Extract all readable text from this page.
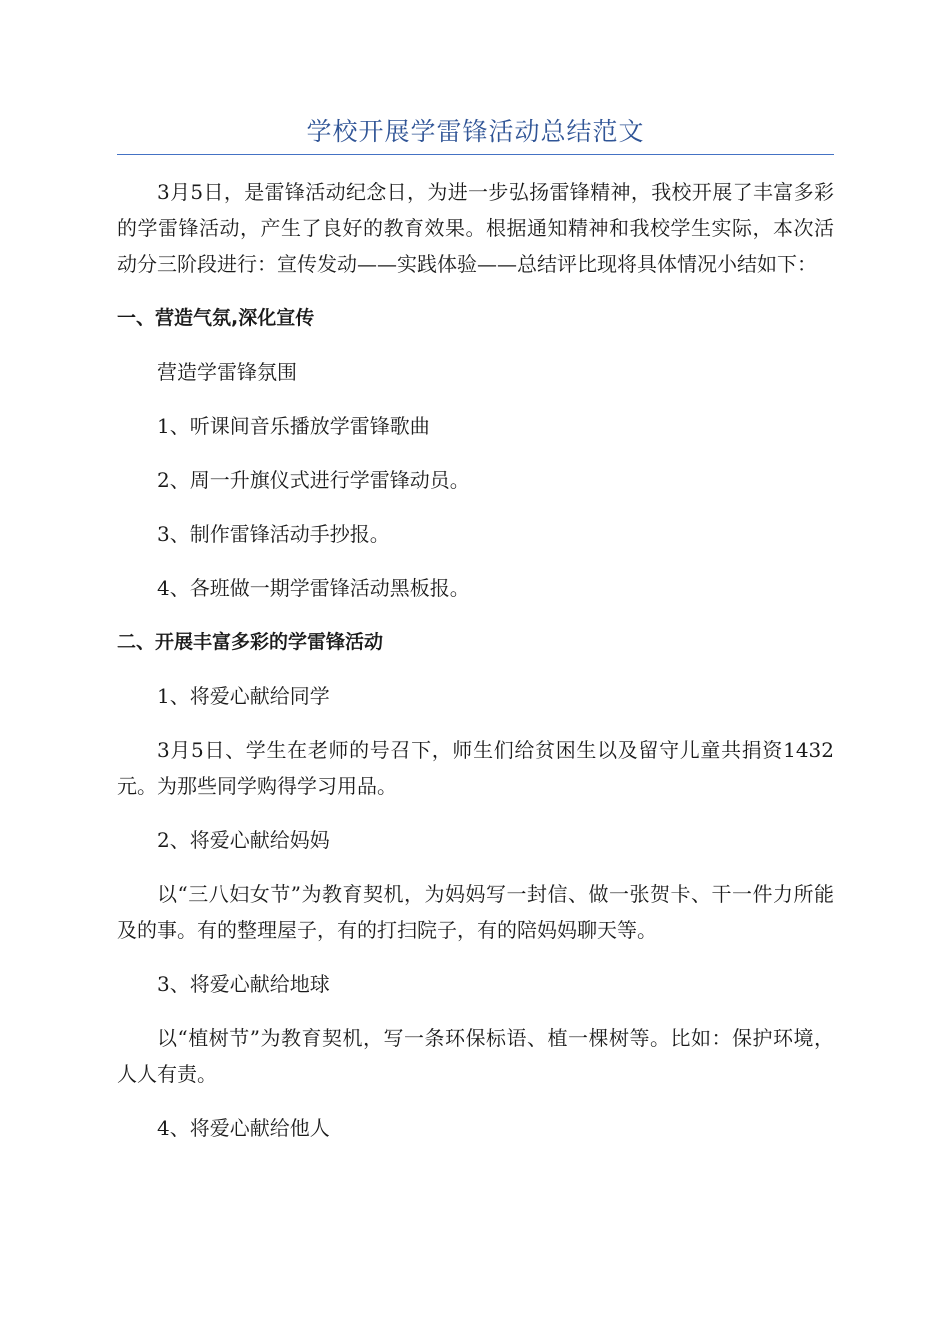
学校开展学雷锋活动总结范文

3月5日，是雷锋活动纪念日，为进一步弘扬雷锋精神，我校开展了丰富多彩的学雷锋活动，产生了良好的教育效果。根据通知精神和我校学生实际，本次活动分三阶段进行：宣传发动——实践体验——总结评比现将具体情况小结如下：

一、营造气氛,深化宣传

营造学雷锋氛围

1、听课间音乐播放学雷锋歌曲

2、周一升旗仪式进行学雷锋动员。

3、制作雷锋活动手抄报。

4、各班做一期学雷锋活动黑板报。

二、开展丰富多彩的学雷锋活动

1、将爱心献给同学

3月5日、学生在老师的号召下，师生们给贫困生以及留守儿童共捐资1432元。为那些同学购得学习用品。

2、将爱心献给妈妈

以“三八妇女节”为教育契机，为妈妈写一封信、做一张贺卡、干一件力所能及的事。有的整理屋子，有的打扫院子，有的陪妈妈聊天等。

3、将爱心献给地球

以“植树节”为教育契机，写一条环保标语、植一棵树等。比如：保护环境，人人有责。

4、将爱心献给他人
